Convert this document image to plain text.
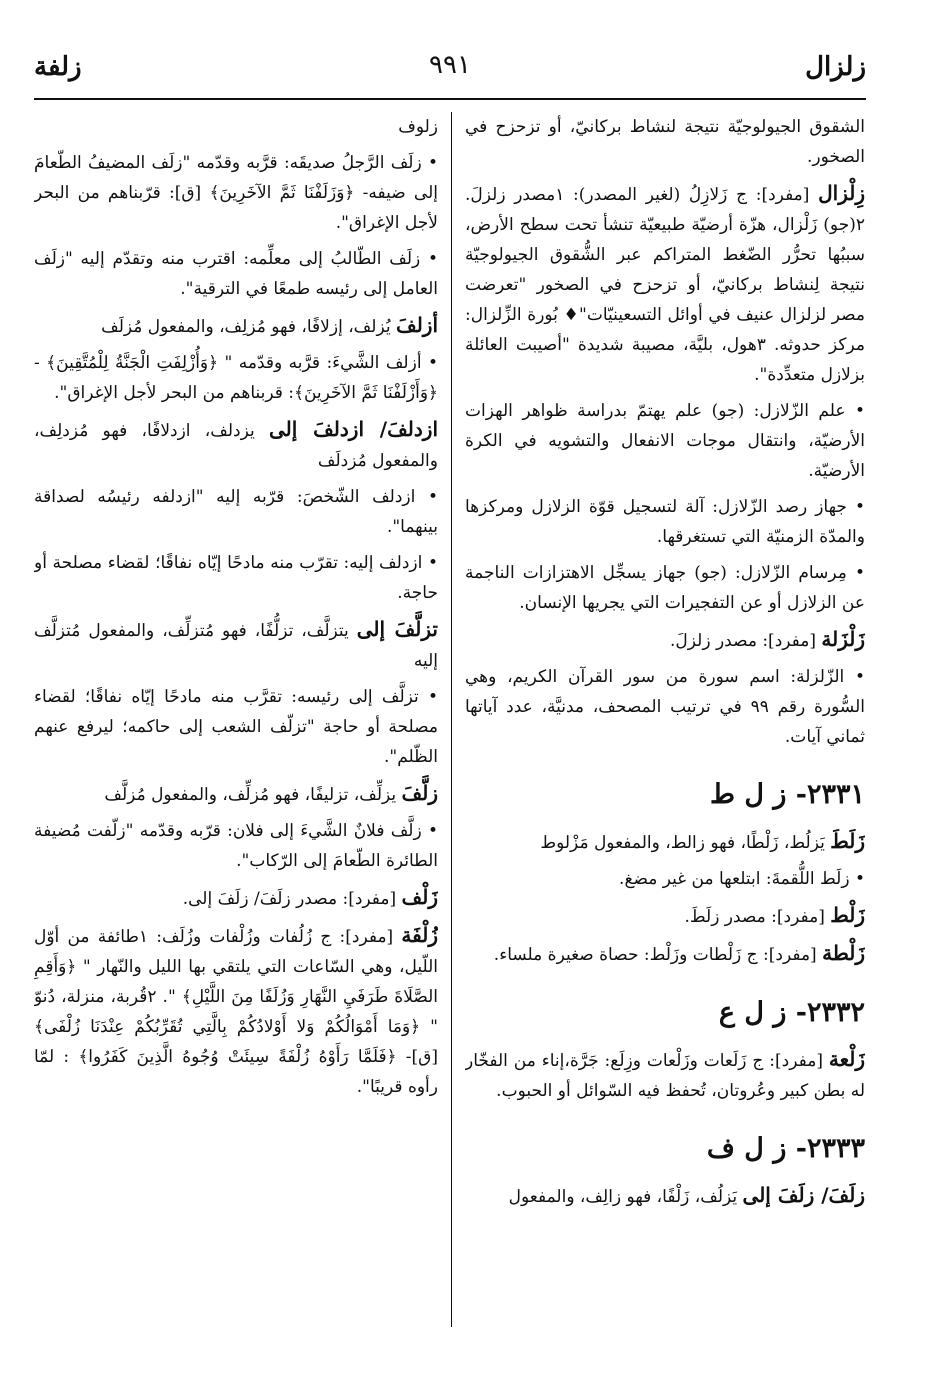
زلزال
٩٩١
زلفة
الشقوق الجيولوجيّة نتيجة لنشاط بركانيّ، أو تزحزح في الصخور.
زِلْزال [مفرد]: ج زَلازِلُ (لغير المصدر): ١مصدر زلزلَ. ٢(جو) زَلْزال، هزّة أرضيّة طبيعيّة تنشأ تحت سطح الأرض، سببُها تحرُّر الضّغط المتراكم عبر الشُّقوق الجيولوجيّة نتيجة لِنشاط بركانيّ، أو تزحزح في الصخور "تعرضت مصر لزلزال عنيف في أوائل التسعينيّات"♦ بُورة الزِّلزال: مركز حدوثه. ٣هول، بليَّة، مصيبة شديدة "أصيبت العائلة بزلازل متعدِّدة".
• علم الزّلازل: (جو) علم يهتمّ بدراسة ظواهر الهزات الأرضيّة، وانتقال موجات الانفعال والتشويه في الكرة الأرضيّة.
• جهاز رصد الزّلازل: آلة لتسجيل قوّة الزلازل ومركزها والمدّة الزمنيّة التي تستغرقها.
• مِرسام الزّلازل: (جو) جهاز يسجِّل الاهتزازات الناجمة عن الزلازل أو عن التفجيرات التي يجريها الإنسان.
زَلْزَلة [مفرد]: مصدر زلزلَ.
• الزّلزلة: اسم سورة من سور القرآن الكريم، وهي السُّورة رقم ٩٩ في ترتيب المصحف، مدنيَّة، عدد آياتها ثماني آيات.
٢٣٣١- ز ل ط
زَلَطَ يَزلُط، زَلْطًا، فهو زالط، والمفعول مَزْلوط
• زلَط اللُّقمةَ: ابتلعها من غير مضغ.
زَلْط [مفرد]: مصدر زلَطَ.
زَلْطة [مفرد]: ج زَلْطات وزَلْط: حصاة صغيرة ملساء.
٢٣٣٢- ز ل ع
زَلْعة [مفرد]: ج زَلَعات وزَلْعات وزِلَع: جَرَّة،إناء من الفخّار له بطن كبير وعُروتان، تُحفظ فيه السّوائل أو الحبوب.
٢٣٣٣- ز ل ف
زلَفَ/ زلَفَ إلى يَزلُف، زَلْفًا، فهو زالِف، والمفعول
زلوف
• زلَف الرَّجلُ صديقَه: قرَّبه وقدّمه "زلَف المضيفُ الطّعامَ إلى ضيفه- ﴿وَزَلَفْنَا ثَمَّ الآخَرِينَ﴾ [ق]: قرّبناهم من البحر لأجل الإغراق".
• زلَف الطّالبُ إلى معلِّمه: اقترب منه وتقدّم إليه "زلَف العامل إلى رئيسه طمعًا في الترقية".
أزلفَ يُزلف، إزلافًا، فهو مُزلِف، والمفعول مُزلَف
• أزلف الشَّيءَ: قرَّبه وقدّمه " ﴿وَأُزْلِفَتِ الْجَنَّةُ لِلْمُتَّقِينَ﴾ - ﴿وَأَزْلَفْنَا ثَمَّ الآخَرِينَ﴾: قربناهم من البحر لأجل الإغراق".
ازدلفَ/ ازدلفَ إلى يزدلف، ازدلافًا، فهو مُزدلِف، والمفعول مُزدلَف
• ازدلف الشّخصَ: قرّبه إليه "ازدلفه رئيسُه لصداقة بينهما".
• ازدلف إليه: تقرّب منه مادحًا إيّاه نفاقًا؛ لقضاء مصلحة أو حاجة.
تزلَّفَ إلى يتزلَّف، تزلُّفًا، فهو مُتزلِّف، والمفعول مُتزلَّف إليه
• تزلَّف إلى رئيسه: تقرَّب منه مادحًا إيّاه نفاقًا؛ لقضاء مصلحة أو حاجة "تزلّف الشعب إلى حاكمه؛ ليرفع عنهم الظّلم".
زلَّفَ يزلِّف، تزليفًا، فهو مُزلِّف، والمفعول مُزلَّف
• زلَّف فلانٌ الشَّيءَ إلى فلان: قرّبه وقدّمه "زلّفت مُضيفة الطائرة الطّعامَ إلى الرّكاب".
زَلْف [مفرد]: مصدر زلَفَ/ زلَفَ إلى.
زُلْفَة [مفرد]: ج زُلُفات وزُلْفات وزُلَف: ١طائفة من أوّل اللّيل، وهي السّاعات التي يلتقي بها الليل والنّهار " ﴿وَأَقِمِ الصَّلَاةَ طَرَفَيِ النَّهَارِ وَزُلَفًا مِنَ اللَّيْلِ﴾ ". ٢قُربة، منزلة، دُنوّ " ﴿وَمَا أَمْوَالُكُمْ وَلا أَوْلادُكُمْ بِالَّتِي تُقَرِّبُكُمْ عِنْدَنَا زُلْفَى﴾ [ق]- ﴿فَلَمَّا رَأَوْهُ زُلْفَةً سِيئَتْ وُجُوهُ الَّذِينَ كَفَرُوا﴾ : لمّا رأوه قريبًا".
